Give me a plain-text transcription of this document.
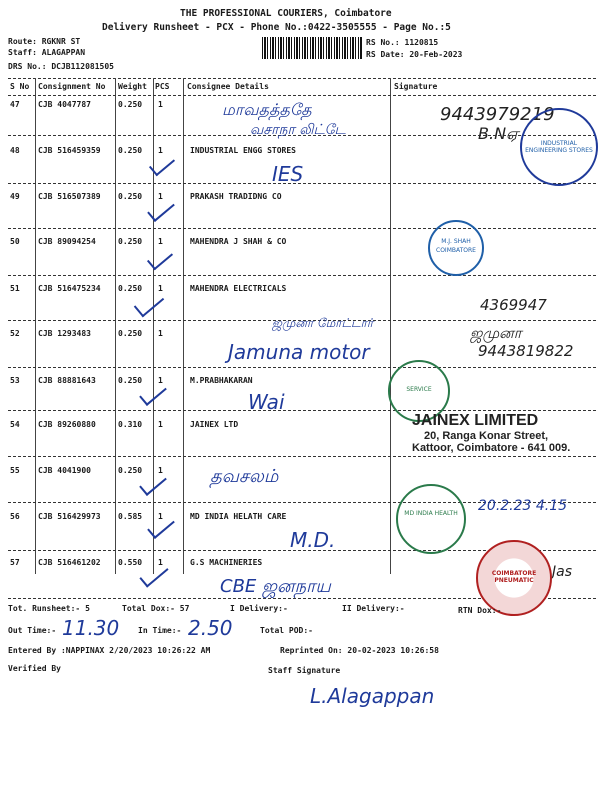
THE PROFESSIONAL COURIERS, Coimbatore
Delivery Runsheet - PCX - Phone No.:0422-3505555 - Page No.:5
Route: RGKNR ST
Staff: ALAGAPPAN
DRS No.: DCJB112081505
RS No.: 1120815
RS Date: 20-Feb-2023
S No Consignment No Weight PCS Consignee Details	Signature
47 CJB 4047787	0.250 1
48 CJB 516459359 0.250 1	INDUSTRIAL ENGG STORES
49 CJB 516507389 0.250 1	PRAKASH TRADIDNG CO
50 CJB 89094254	0.250 1	MAHENDRA J SHAH & CO
51 CJB 516475234 0.250 1	MAHENDRA ELECTRICALS
52 CJB 1293483	0.250 1
53 CJB 88881643	0.250 1	M.PRABHAKARAN
54 CJB 89260880	0.310 1	JAINEX LTD
55 CJB 4041900	0.250 1
56 CJB 516429973 0.585 1	MD INDIA HELATH CARE
57 CJB 516461202 0.550 1	G.S MACHINERIES
மாவதத்ததே
வசாநா லிட்டே
9443979219
B.Nஏ
IES
4369947
ஜமுனா மோட்டார்
Jamuna motor
ஜமுனா
9443819822
Wai
தவசலம்
M.D.
20.2.23 4.15
CBE ஜனநாய
Jas
INDUSTRIAL ENGINEERING STORES
M.J. SHAH
COIMBATORE
SERVICE
MD INDIA HEALTH
COIMBATORE PNEUMATIC
JAINEX LIMITED
20, Ranga Konar Street,
Kattoor, Coimbatore - 641 009.
Tot. Runsheet:- 5	Total Dox:- 57	I Delivery:-	II Delivery:-	RTN Dox:-
Out Time:- 11.30 In Time:- 2.50	Total POD:-
Entered By :NAPPINAX 2/20/2023 10:26:22 AM	Reprinted On: 20-02-2023 10:26:58
Verified By	Staff Signature
L.Alagappan
